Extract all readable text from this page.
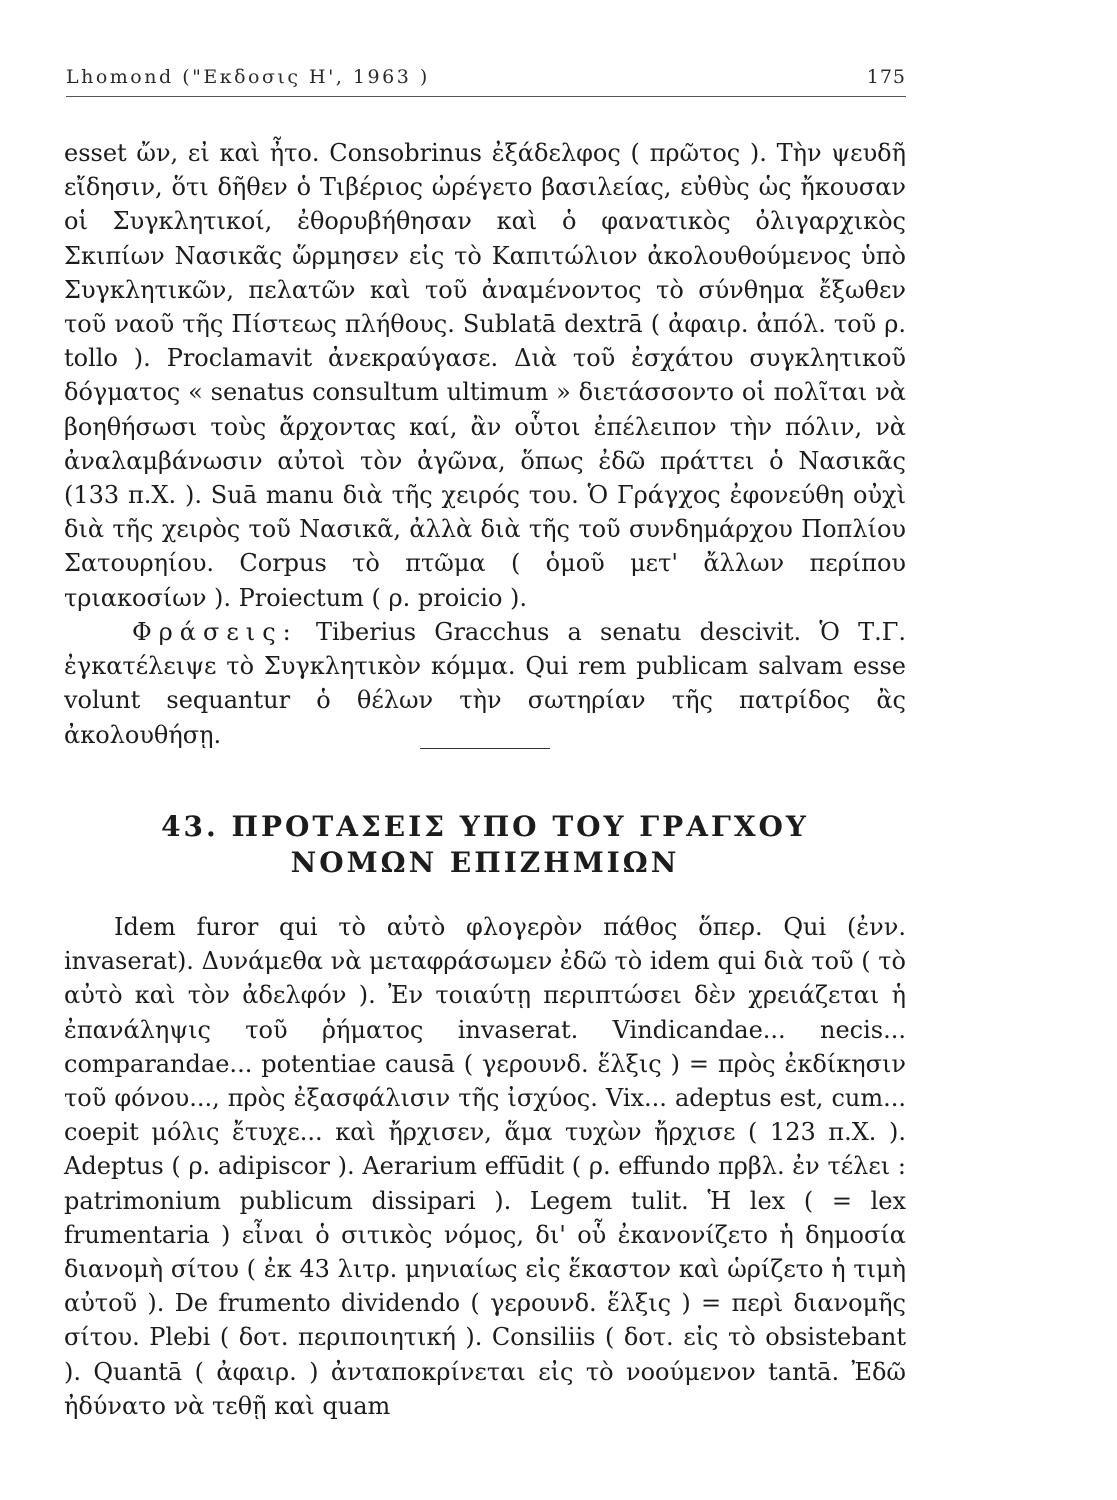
Lhomond ("Εκδοσις Η', 1963 )	175

esset ὤν, εἰ καὶ ἦτο. Consobrinus ἐξάδελφος ( πρῶτος ). Τὴν ψευδῆ εἴδησιν, ὅτι δῆθεν ὁ Τιβέριος ὠρέγετο βασιλείας, εὐθὺς ὡς ἤκουσαν οἱ Συγκλητικοί, ἐθορυβήθησαν καὶ ὁ φανατικὸς ὀλιγαρχικὸς Σκιπίων Νασικᾶς ὥρμησεν εἰς τὸ Καπιτώλιον ἀκολουθούμενος ὑπὸ Συγκλητικῶν, πελατῶν καὶ τοῦ ἀναμένοντος τὸ σύνθημα ἔξωθεν τοῦ ναοῦ τῆς Πίστεως πλήθους. Sublatā dextrā ( ἀφαιρ. ἀπόλ. τοῦ ρ. tollo ). Proclamavit ἀνεκραύγασε. Διὰ τοῦ ἐσχάτου συγκλητικοῦ δόγματος « senatus consultum ultimum » διετάσσοντο οἱ πολῖται νὰ βοηθήσωσι τοὺς ἄρχοντας καί, ἂν οὗτοι ἐπέλειπον τὴν πόλιν, νὰ ἀναλαμβάνωσιν αὐτοὶ τὸν ἀγῶνα, ὅπως ἐδῶ πράττει ὁ Νασικᾶς (133 π.Χ. ). Suā manu διὰ τῆς χειρός του. Ὁ Γράγχος ἐφονεύθη οὐχὶ διὰ τῆς χειρὸς τοῦ Νασικᾶ, ἀλλὰ διὰ τῆς τοῦ συνδημάρχου Ποπλίου Σατουρηίου. Corpus τὸ πτῶμα ( ὁμοῦ μετ' ἄλλων περίπου τριακοσίων ). Proiectum ( ρ. proicio ).

Φράσεις: Tiberius Gracchus a senatu descivit. Ὁ Τ.Γ. ἐγκατέλειψε τὸ Συγκλητικὸν κόμμα. Qui rem publicam salvam esse volunt sequantur ὁ θέλων τὴν σωτηρίαν τῆς πατρίδος ἂς ἀκολουθήσῃ.

43. ΠΡΟΤΑΣΕΙΣ ΥΠΟ ΤΟΥ ΓΡΑΓΧΟΥ
ΝΟΜΩΝ ΕΠΙΖΗΜΙΩΝ

Idem furor qui τὸ αὐτὸ φλογερὸν πάθος ὅπερ. Qui (ἐνν. invaserat). Δυνάμεθα νὰ μεταφράσωμεν ἐδῶ τὸ idem qui διὰ τοῦ ( τὸ αὐτὸ καὶ τὸν ἀδελφόν ). Ἐν τοιαύτῃ περιπτώσει δὲν χρειάζεται ἡ ἐπανάληψις τοῦ ῥήματος invaserat. Vindicandae... necis... comparandae... potentiae causā ( γερουνδ. ἕλξις ) = πρὸς ἐκδίκησιν τοῦ φόνου..., πρὸς ἐξασφάλισιν τῆς ἰσχύος. Vix... adeptus est, cum... coepit μόλις ἔτυχε... καὶ ἤρχισεν, ἅμα τυχὼν ἤρχισε ( 123 π.Χ. ). Adeptus ( ρ. adipiscor ). Aerarium effūdit ( ρ. effundo πρβλ. ἐν τέλει : patrimonium publicum dissipari ). Legem tulit. Ἡ lex ( = lex frumentaria ) εἶναι ὁ σιτικὸς νόμος, δι' οὗ ἐκανονίζετο ἡ δημοσία διανομὴ σίτου ( ἐκ 43 λιτρ. μηνιαίως εἰς ἕκαστον καὶ ὡρίζετο ἡ τιμὴ αὐτοῦ ). De frumento dividendo ( γερουνδ. ἕλξις ) = περὶ διανομῆς σίτου. Plebi ( δοτ. περιποιητική ). Consiliis ( δοτ. εἰς τὸ obsistebant ). Quantā ( ἀφαιρ. ) ἀνταποκρίνεται εἰς τὸ νοούμενον tantā. Ἐδῶ ἠδύνατο νὰ τεθῇ καὶ quam
